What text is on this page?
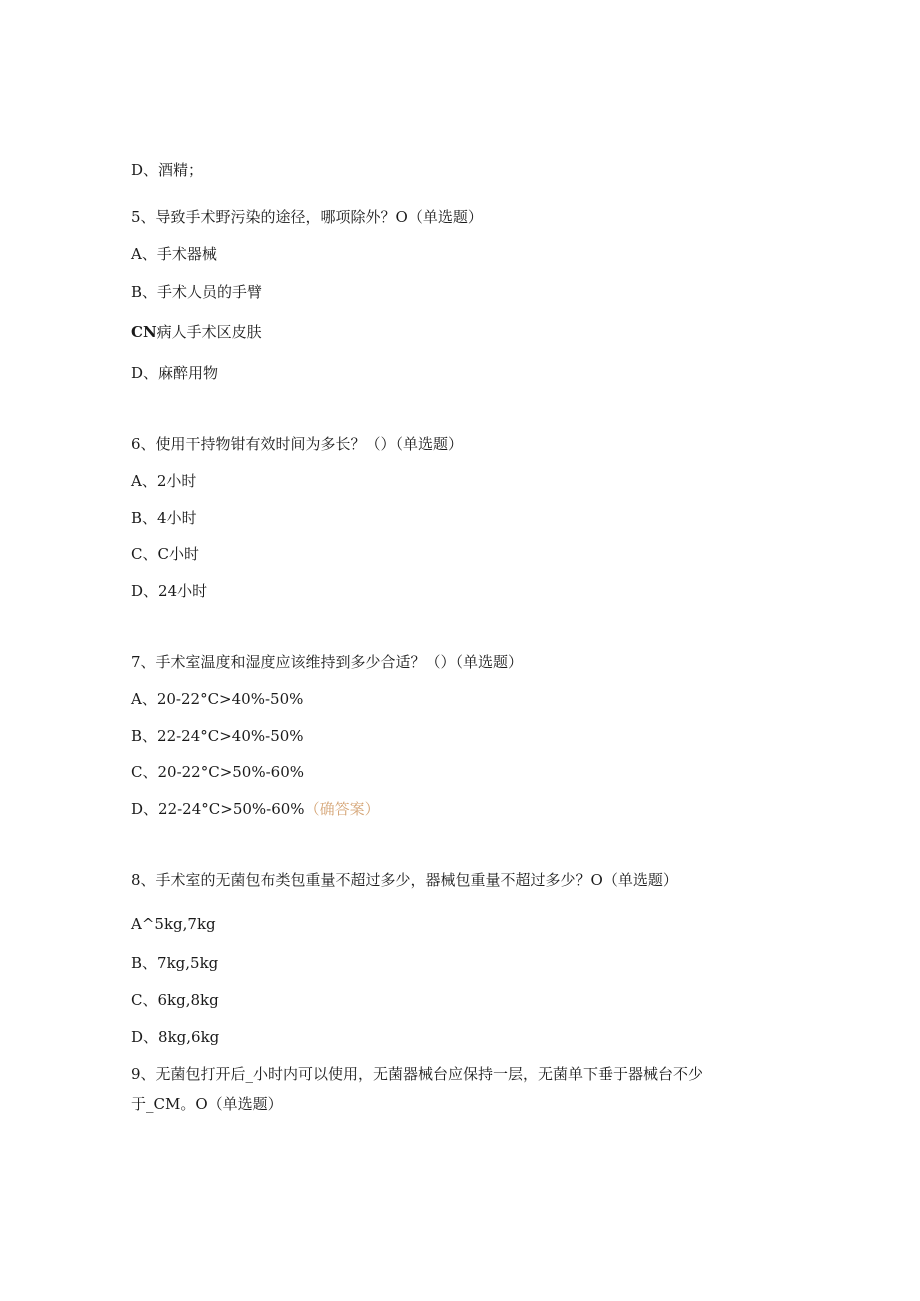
D、酒精；
5、导致手术野污染的途径，哪项除外？O（单选题）
A、手术器械
B、手术人员的手臂
CN病人手术区皮肤
D、麻醉用物
6、使用干持物钳有效时间为多长？（）（单选题）
A、2小时
B、4小时
C、C小时
D、24小时
7、手术室温度和湿度应该维持到多少合适？（）（单选题）
A、20-22°C>40%-50%
B、22-24°C>40%-50%
C、20-22°C>50%-60%
D、22-24°C>50%-60%（确答案）
8、手术室的无菌包布类包重量不超过多少，器械包重量不超过多少？O（单选题）
A^5kg,7kg
B、7kg,5kg
C、6kg,8kg
D、8kg,6kg
9、无菌包打开后_小时内可以使用，无菌器械台应保持一层，无菌单下垂于器械台不少
于_CM。O（单选题）
